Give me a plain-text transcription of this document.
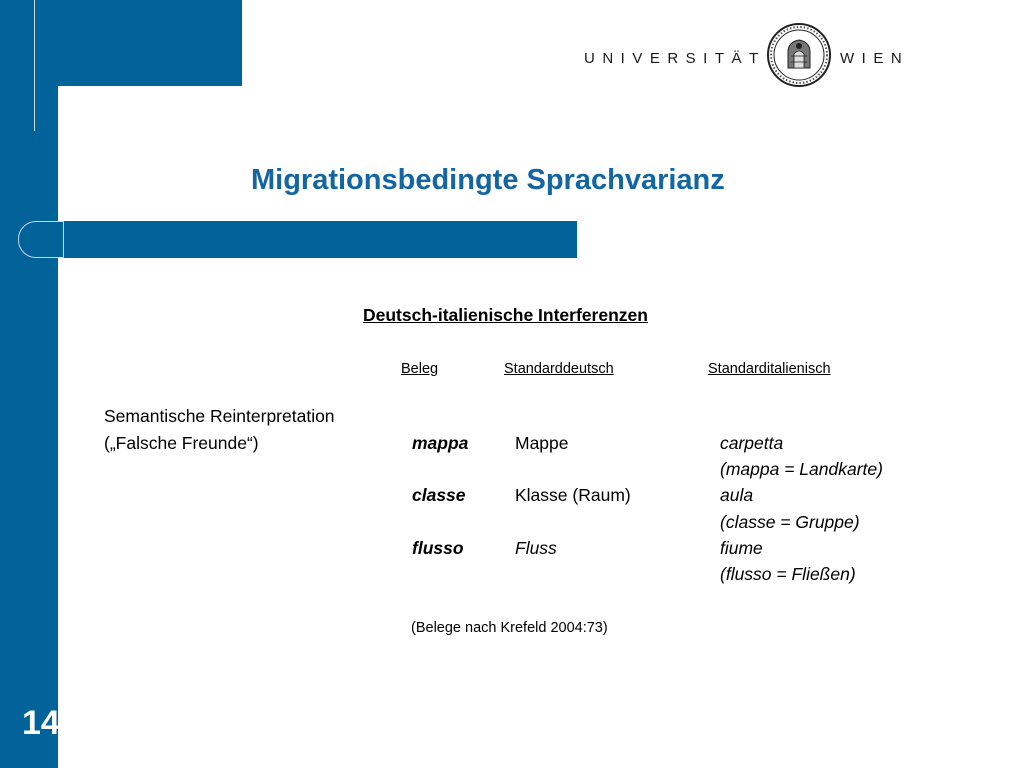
UNIVERSITÄT	WIEN
Migrationsbedingte Sprachvarianz
Deutsch-italienische Interferenzen
Beleg	Standarddeutsch	Standarditalienisch
Semantische Reinterpretation
(„Falsche Freunde“)	mappa	Mappe	carpetta
(mappa = Landkarte)
classe	Klasse (Raum)	aula
(classe = Gruppe)
flusso	Fluss	fiume
(flusso = Fließen)
(Belege nach Krefeld 2004:73)
14
